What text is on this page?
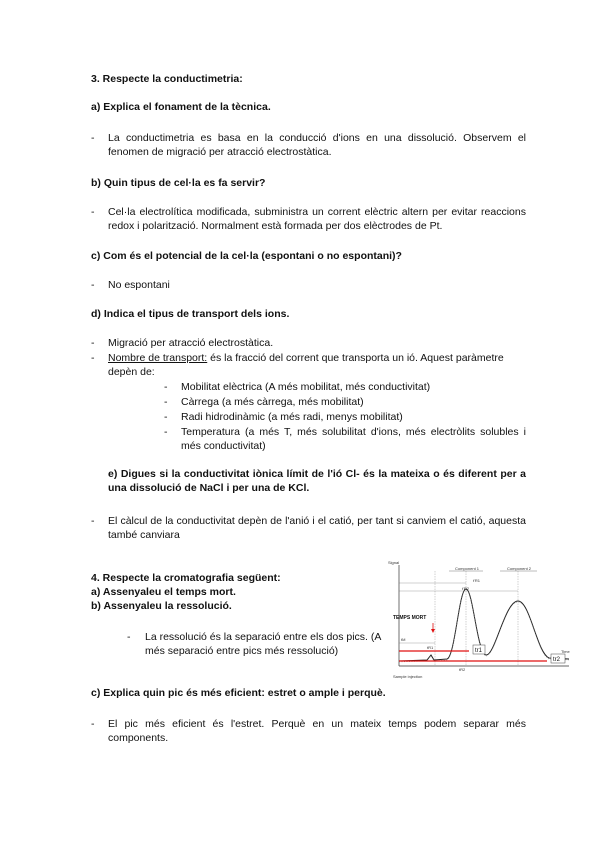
3. Respecte la conductimetria:
a) Explica el fonament de la tècnica.
- La conductimetria es basa en la conducció d'ions en una dissolució. Observem el fenomen de migració per atracció electrostàtica.
b) Quin tipus de cel·la es fa servir?
- Cel·la electrolítica modificada, subministra un corrent elèctric altern per evitar reaccions redox i polarització. Normalment està formada per dos elèctrodes de Pt.
c) Com és el potencial de la cel·la (espontani o no espontani)?
- No espontani
d) Indica el tipus de transport dels ions.
- Migració per atracció electrostàtica.
- Nombre de transport: és la fracció del corrent que transporta un ió. Aquest paràmetre
depèn de:
- Mobilitat elèctrica (A més mobilitat, més conductivitat)
- Càrrega (a més càrrega, més mobilitat)
- Radi hidrodinàmic (a més radi, menys mobilitat)
- Temperatura (a més T, més solubilitat d'ions, més electròlits solubles i més conductivitat)
e) Digues si la conductivitat iònica límit de l'ió Cl- és la mateixa o és diferent per a una dissolució de NaCl i per una de KCl.
- El càlcul de la conductivitat depèn de l'anió i el catió, per tant si canviem el catió, aquesta també canviara
4. Respecte la cromatografia següent:
a) Assenyaleu el temps mort.
b) Assenyaleu la ressolució.
- La ressolució és la separació entre els dos pics. (A més separació entre pics més ressolució)
Signal
Time
Component 1	Component 2
t'R1
t'R2
TEMPS MORT
tM
tr1
tr2
tR1
tR2
Sample injection
c) Explica quin pic és més eficient: estret o ample i perquè.
- El pic més eficient és l'estret. Perquè en un mateix temps podem separar més components.
